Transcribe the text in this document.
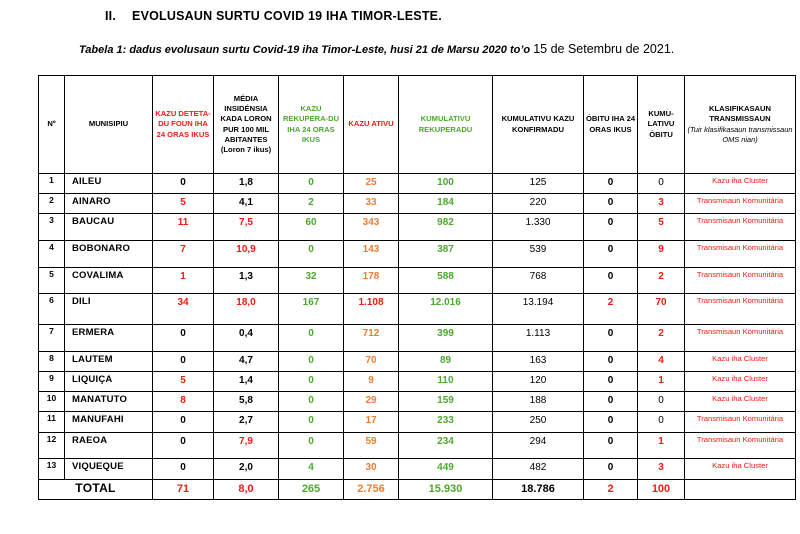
II. EVOLUSAUN SURTU COVID 19 IHA TIMOR-LESTE.
Tabela 1: dadus evolusaun surtu Covid-19 iha Timor-Leste, husi 21 de Marsu 2020 to’o 15 de Setembru de 2021.
Nº	MUNISIPIU	KAZU DETETA-DU FOUN IHA 24 ORAS IKUS	MÉDIA INSIDÉNSIA KADA LORON PUR 100 MIL ABITANTES (Loron 7 ikus)	KAZU REKUPERA-DU IHA 24 ORAS IKUS	KAZU ATIVU	KUMULATIVU REKUPERADU	KUMULATIVU KAZU KONFIRMADU	ÓBITU IHA 24 ORAS IKUS	KUMU-LATIVU ÓBITU	KLASIFIKASAUN TRANSMISSAUN
(Tuir klasifikasaun transmissaun OMS nian)

1	AILEU	0	1,8	0	25	100	125	0	0	Kazu iha Cluster
2	AINARO	5	4,1	2	33	184	220	0	3	Transmisaun Komunitária
3	BAUCAU	11	7,5	60	343	982	1.330	0	5	Transmisaun Komunitária
4	BOBONARO	7	10,9	0	143	387	539	0	9	Transmisaun Komunitária
5	COVALIMA	1	1,3	32	178	588	768	0	2	Transmisaun Komunitária
6	DILI	34	18,0	167	1.108	12.016	13.194	2	70	Transmisaun Komunitária
7	ERMERA	0	0,4	0	712	399	1.113	0	2	Transmisaun Komunitária
8	LAUTEM	0	4,7	0	70	89	163	0	4	Kazu iha Cluster
9	LIQUIÇA	5	1,4	0	9	110	120	0	1	Kazu iha Cluster
10	MANATUTO	8	5,8	0	29	159	188	0	0	Kazu iha Cluster
11	MANUFAHI	0	2,7	0	17	233	250	0	0	Transmisaun Komunitária
12	RAEOA	0	7,9	0	59	234	294	0	1	Transmisaun Komunitária
13	VIQUEQUE	0	2,0	4	30	449	482	0	3	Kazu iha Cluster
TOTAL		71	8,0	265	2.756	15.930	18.786	2	100	
